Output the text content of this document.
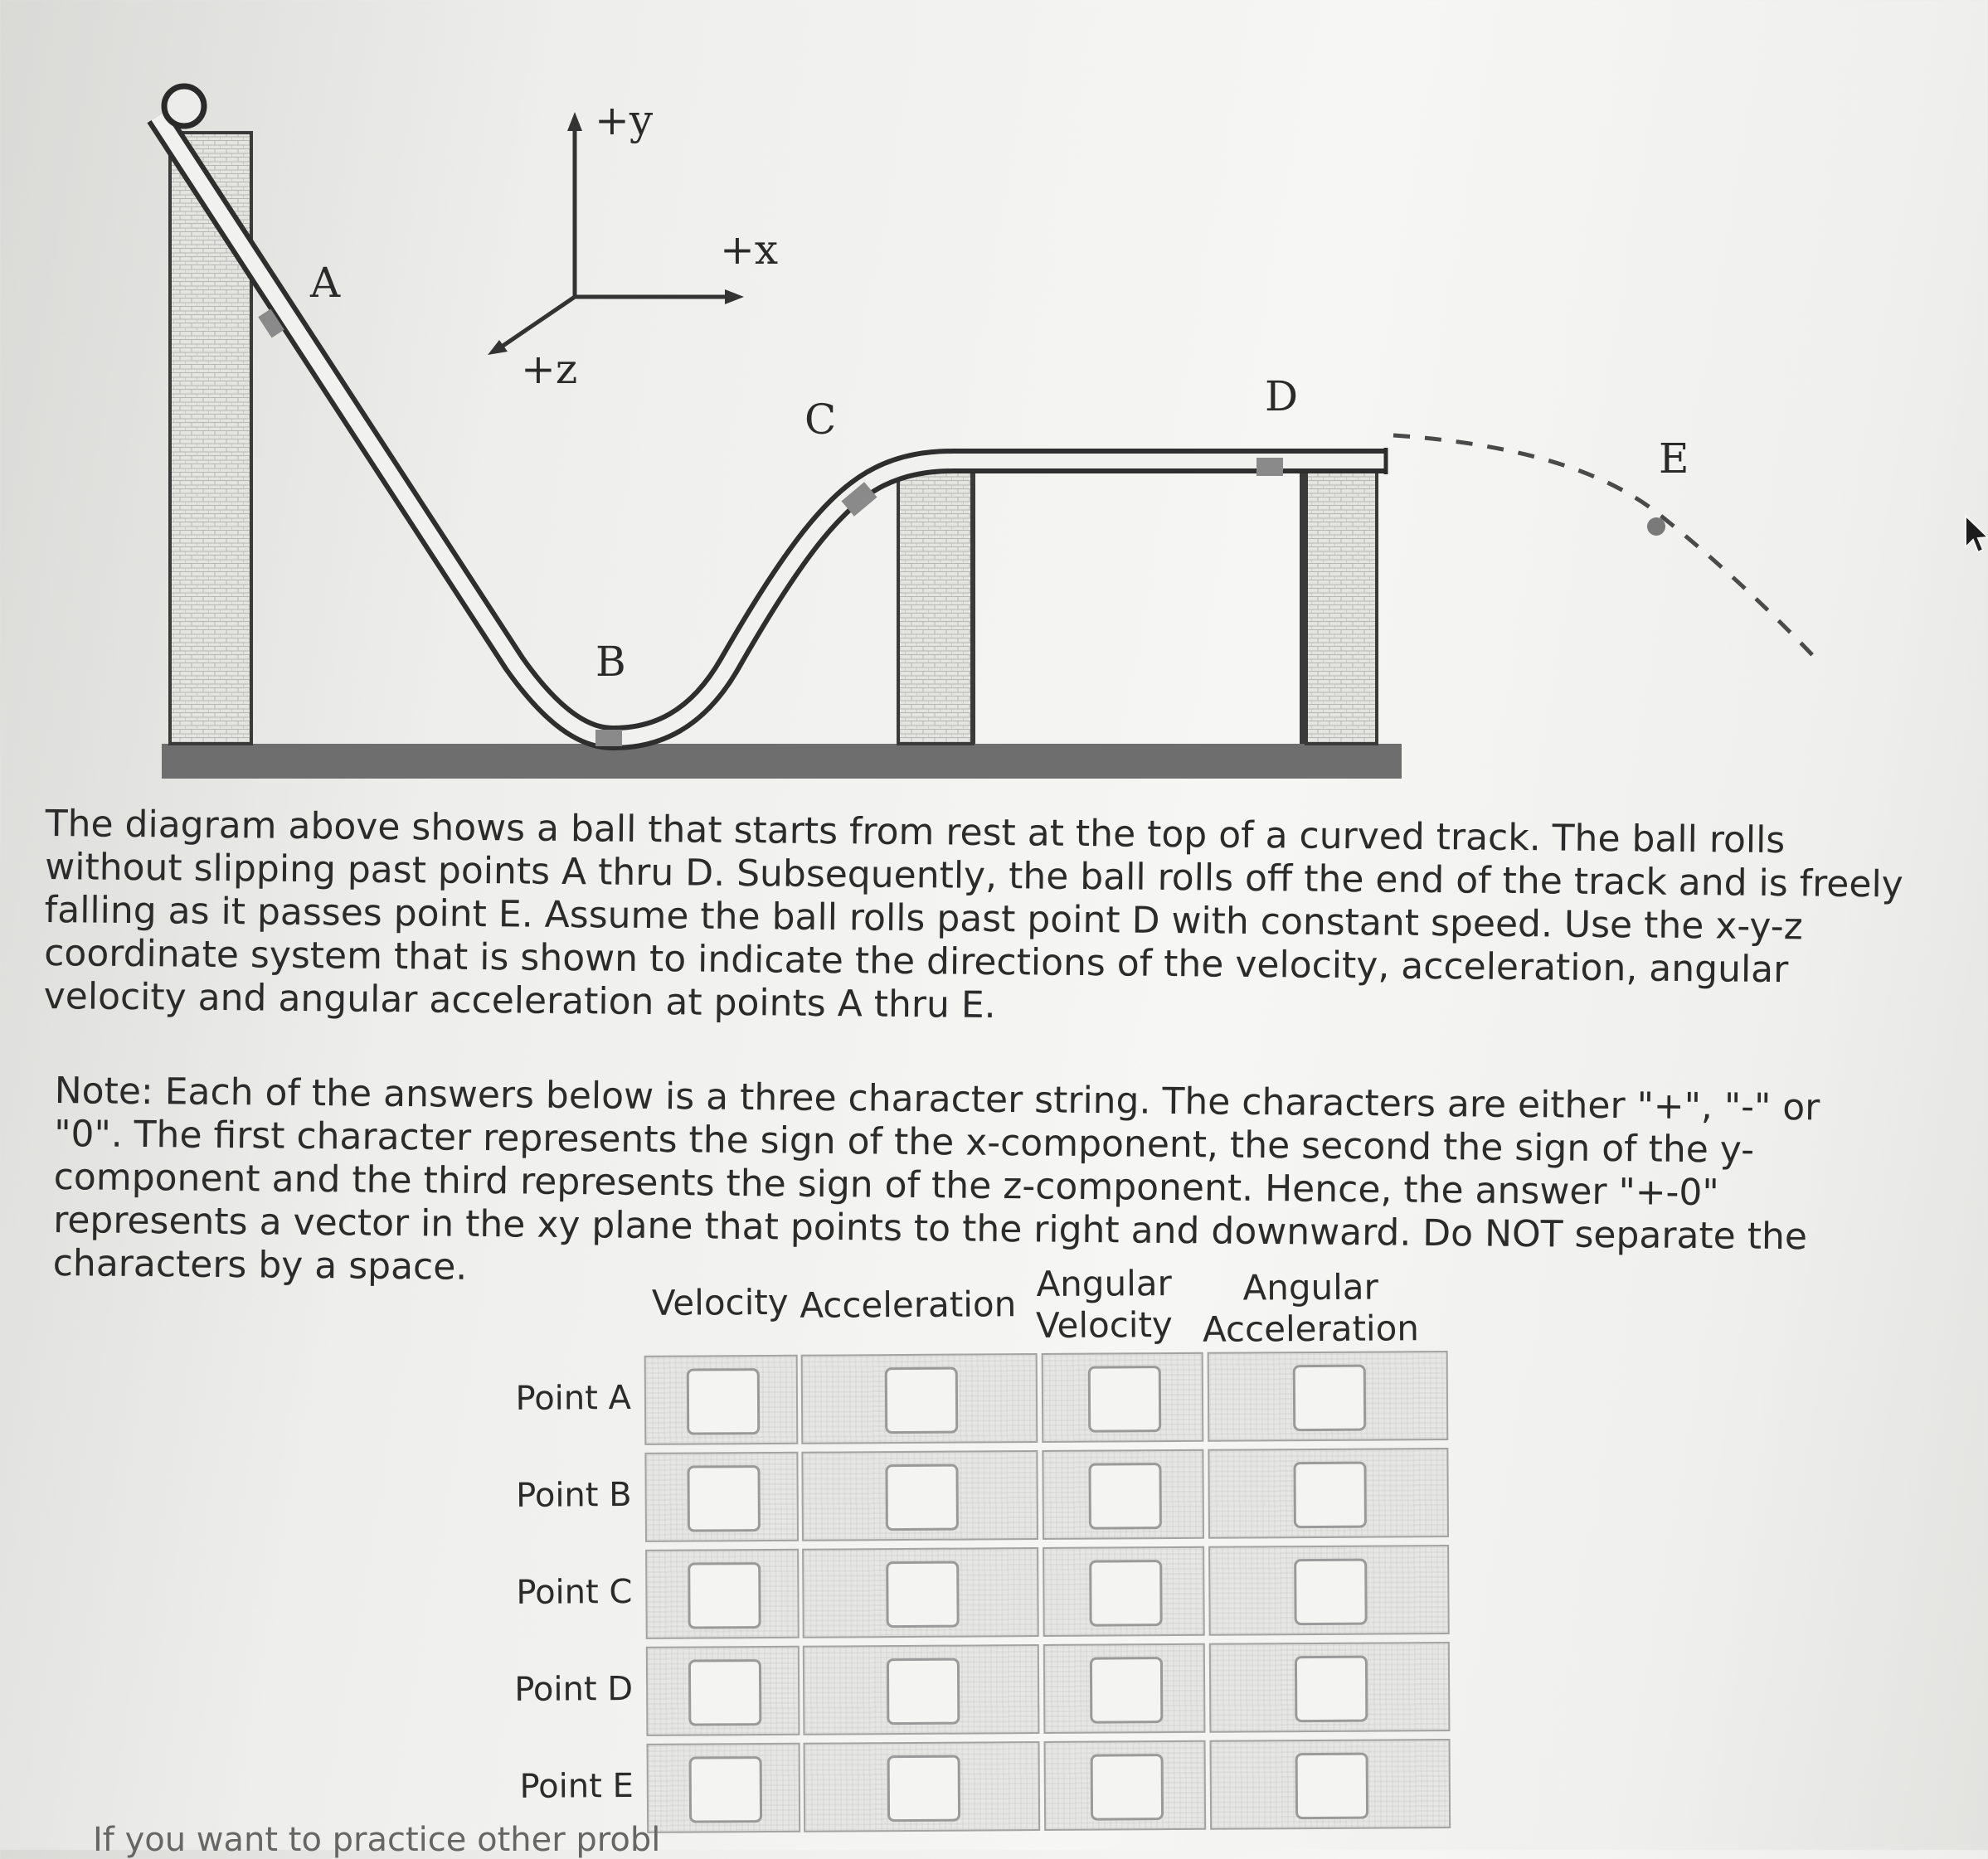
+y
+x
+z
A
B
C	D
E

The diagram above shows a ball that starts from rest at the top of a curved track. The ball rolls without slipping past points A thru D. Subsequently, the ball rolls off the end of the track and is freely falling as it passes point E. Assume the ball rolls past point D with constant speed. Use the x-y-z coordinate system that is shown to indicate the directions of the velocity, acceleration, angular velocity and angular acceleration at points A thru E.

Note: Each of the answers below is a three character string. The characters are either "+", "-" or "0". The first character represents the sign of the x-component, the second the sign of the y-component and the third represents the sign of the z-component. Hence, the answer "+-0" represents a vector in the xy plane that points to the right and downward. Do NOT separate the characters by a space.

Velocity Acceleration
Angular
Velocity
Angular
Acceleration
Point A
Point B
Point C
Point D
Point E
If you want to practice other probl
